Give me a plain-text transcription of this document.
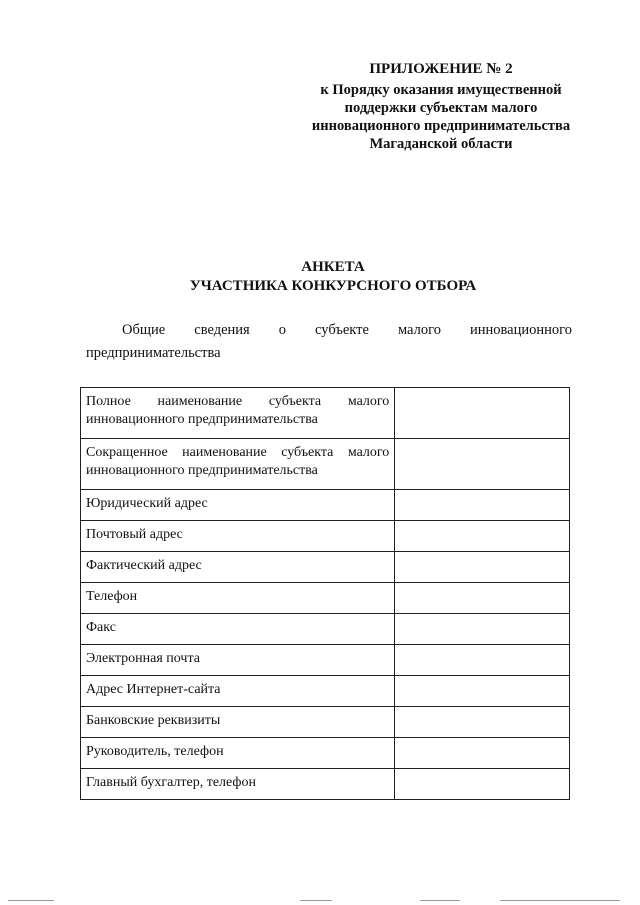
ПРИЛОЖЕНИЕ № 2
к Порядку оказания имущественной
поддержки субъектам малого
инновационного предпринимательства
Магаданской области
АНКЕТА
УЧАСТНИКА КОНКУРСНОГО ОТБОРА
Общие сведения о субъекте малого инновационного
предпринимательства
Полное наименование субъекта малого инновационного предпринимательства	
Сокращенное наименование субъекта малого инновационного предпринимательства	
Юридический адрес	
Почтовый адрес	
Фактический адрес	
Телефон	
Факс	
Электронная почта	
Адрес Интернет-сайта	
Банковские реквизиты	
Руководитель, телефон	
Главный бухгалтер, телефон	
